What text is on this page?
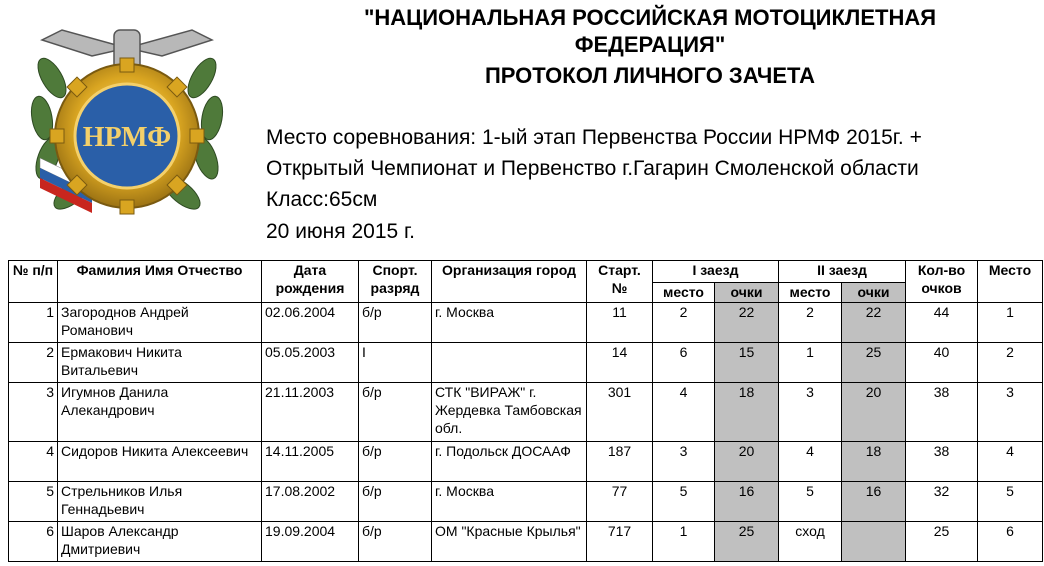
НРМФ
"НАЦИОНАЛЬНАЯ РОССИЙСКАЯ МОТОЦИКЛЕТНАЯ
ФЕДЕРАЦИЯ"
ПРОТОКОЛ ЛИЧНОГО ЗАЧЕТА
Место соревнования: 1-ый этап Первенства России НРМФ 2015г. +
Открытый Чемпионат и Первенство г.Гагарин Смоленской области
Класс:65см
20 июня 2015 г.
№ п/п	Фамилия Имя Отчество	Дата рождения	Спорт. разряд	Организация город	Старт. №	I заезд		II заезд		Кол-во очков	Место
						место	очки	место	очки		
1	Загороднов Андрей Романович	02.06.2004	б/р	г. Москва	11	2	22	2	22	44	1
2	Ермакович Никита Витальевич	05.05.2003	I		14	6	15	1	25	40	2
3	Игумнов Данила Алекандрович	21.11.2003	б/р	СТК "ВИРАЖ" г. Жердевка Тамбовская обл.	301	4	18	3	20	38	3
4	Сидоров Никита Алексеевич	14.11.2005	б/р	г. Подольск ДОСААФ	187	3	20	4	18	38	4
5	Стрельников Илья Геннадьевич	17.08.2002	б/р	г. Москва	77	5	16	5	16	32	5
6	Шаров Александр Дмитриевич	19.09.2004	б/р	ОМ "Красные Крылья"	717	1	25	сход		25	6
